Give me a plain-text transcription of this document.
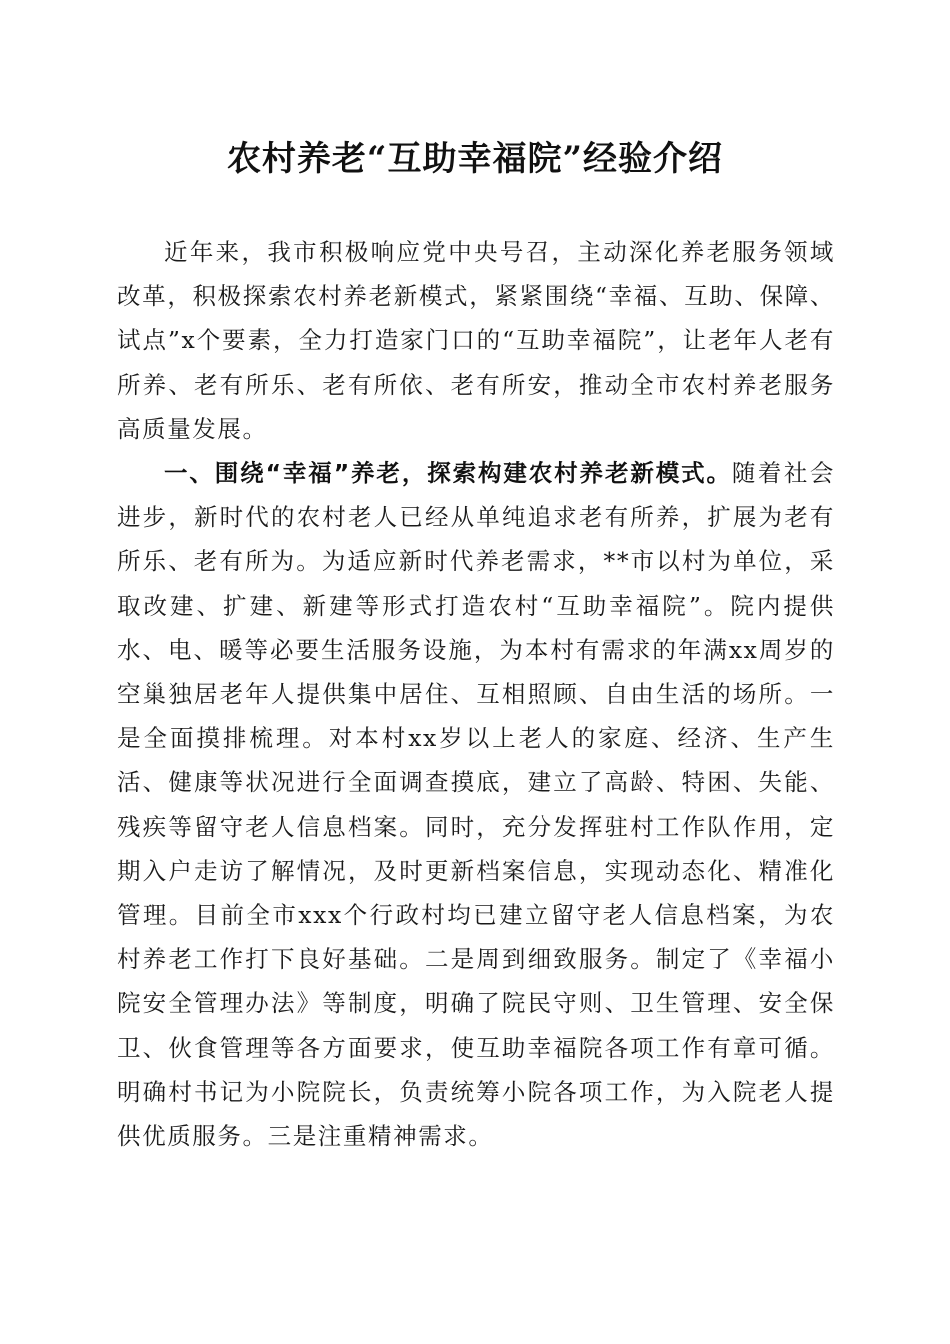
农村养老“互助幸福院”经验介绍

近年来，我市积极响应党中央号召，主动深化养老服务领域改革，积极探索农村养老新模式，紧紧围绕“幸福、互助、保障、试点”x个要素，全力打造家门口的“互助幸福院”，让老年人老有所养、老有所乐、老有所依、老有所安，推动全市农村养老服务高质量发展。

一、围绕“幸福”养老，探索构建农村养老新模式。随着社会进步，新时代的农村老人已经从单纯追求老有所养，扩展为老有所乐、老有所为。为适应新时代养老需求，**市以村为单位，采取改建、扩建、新建等形式打造农村“互助幸福院”。院内提供水、电、暖等必要生活服务设施，为本村有需求的年满xx周岁的空巢独居老年人提供集中居住、互相照顾、自由生活的场所。一是全面摸排梳理。对本村xx岁以上老人的家庭、经济、生产生活、健康等状况进行全面调查摸底，建立了高龄、特困、失能、残疾等留守老人信息档案。同时，充分发挥驻村工作队作用，定期入户走访了解情况，及时更新档案信息，实现动态化、精准化管理。目前全市xxx个行政村均已建立留守老人信息档案，为农村养老工作打下良好基础。二是周到细致服务。制定了《幸福小院安全管理办法》等制度，明确了院民守则、卫生管理、安全保卫、伙食管理等各方面要求，使互助幸福院各项工作有章可循。明确村书记为小院院长，负责统筹小院各项工作，为入院老人提供优质服务。三是注重精神需求。
